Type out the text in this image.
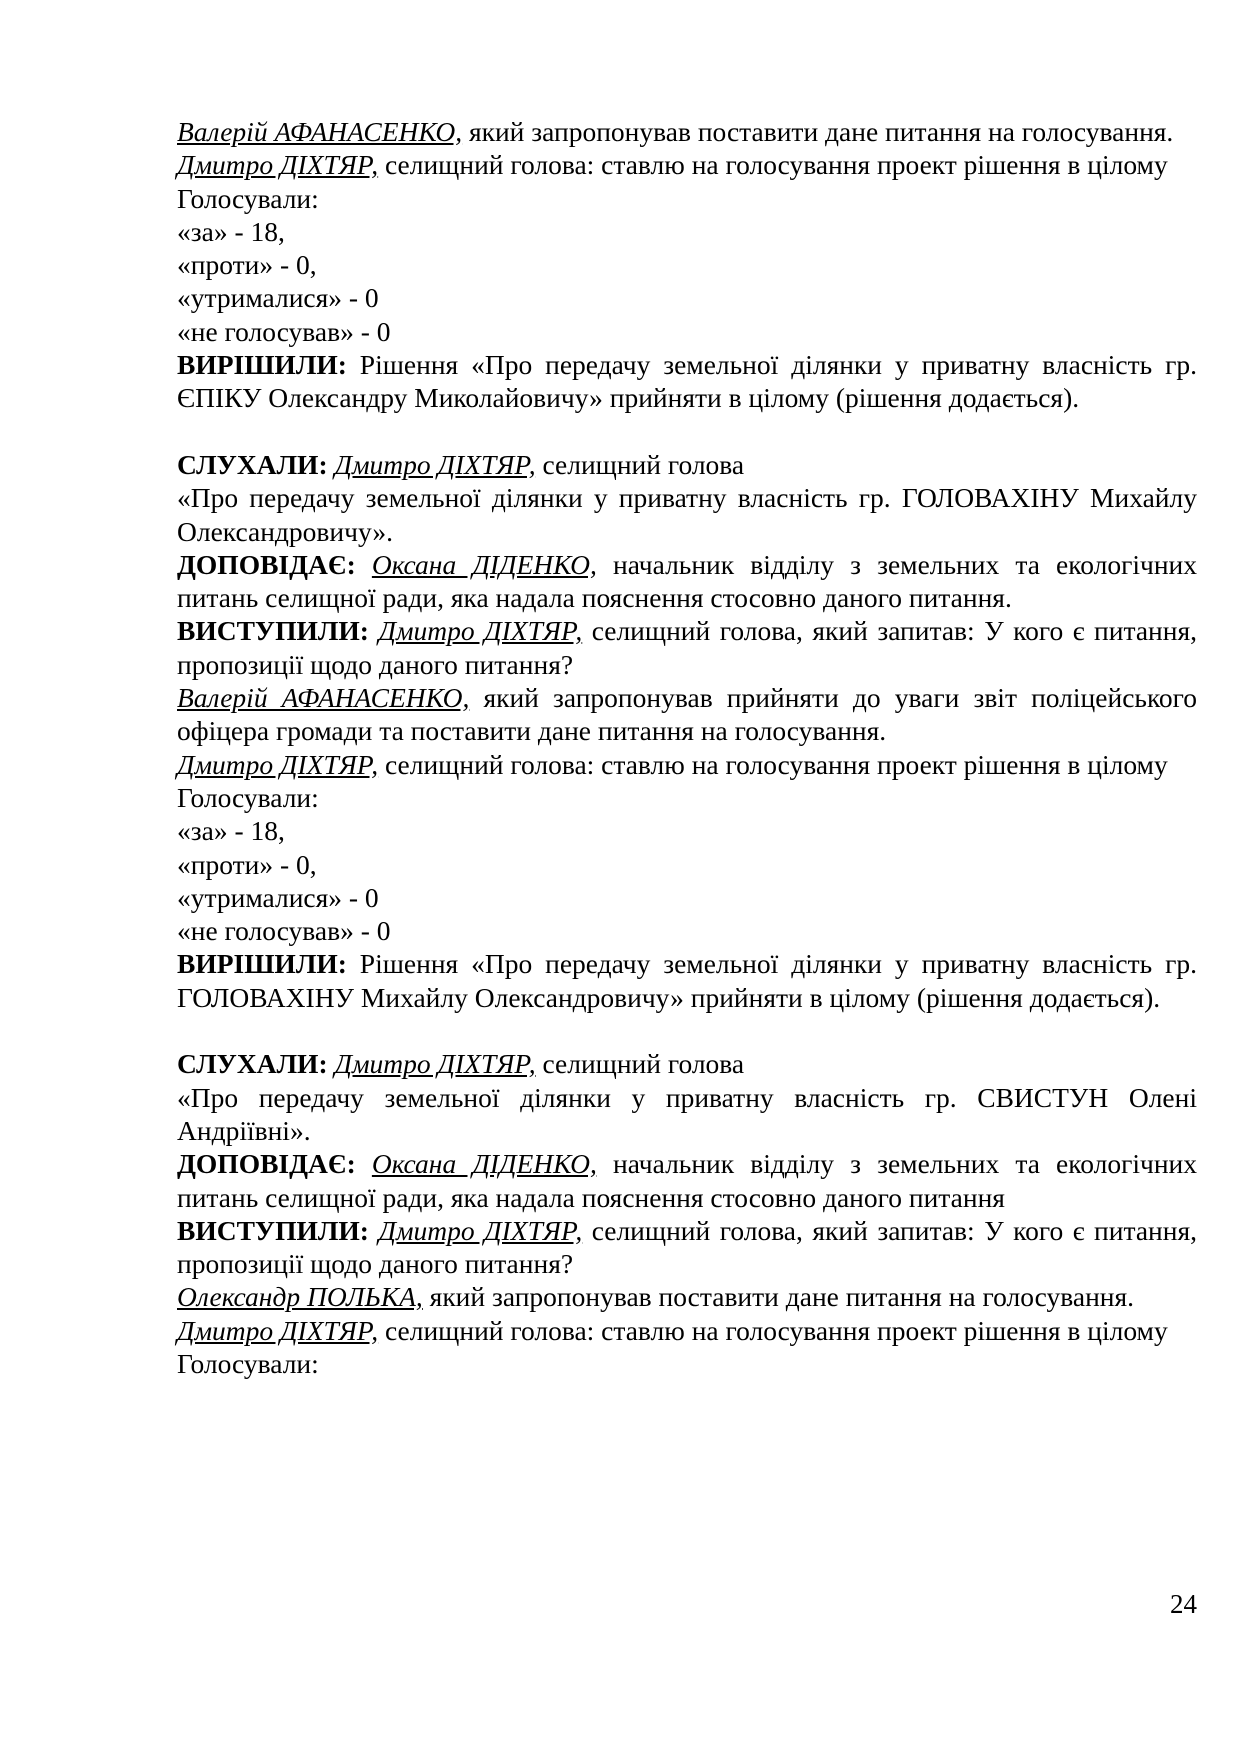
Валерій АФАНАСЕНКО, який запропонував поставити дане питання на голосування.

Дмитро ДІХТЯР, селищний голова: ставлю на голосування проект рішення в цілому

Голосували:

«за» - 18,

«проти» - 0,

«утрималися» - 0

«не голосував» - 0

ВИРІШИЛИ: Рішення «Про передачу земельної ділянки у приватну власність гр. ЄПІКУ Олександру Миколайовичу» прийняти в цілому (рішення додається).

СЛУХАЛИ: Дмитро ДІХТЯР, селищний голова

«Про передачу земельної ділянки у приватну власність гр. ГОЛОВАХІНУ Михайлу Олександровичу».

ДОПОВІДАЄ: Оксана ДІДЕНКО, начальник відділу з земельних та екологічних питань селищної ради, яка надала пояснення стосовно даного питання.

ВИСТУПИЛИ: Дмитро ДІХТЯР, селищний голова, який запитав: У кого є питання, пропозиції щодо даного питання?

Валерій АФАНАСЕНКО, який запропонував прийняти до уваги звіт поліцейського офіцера громади та поставити дане питання на голосування.

Дмитро ДІХТЯР, селищний голова: ставлю на голосування проект рішення в цілому

Голосували:

«за» - 18,

«проти» - 0,

«утрималися» - 0

«не голосував» - 0

ВИРІШИЛИ: Рішення «Про передачу земельної ділянки у приватну власність гр. ГОЛОВАХІНУ Михайлу Олександровичу» прийняти в цілому (рішення додається).

СЛУХАЛИ: Дмитро ДІХТЯР, селищний голова

«Про передачу земельної ділянки у приватну власність гр. СВИСТУН Олені Андріївні».

ДОПОВІДАЄ: Оксана ДІДЕНКО, начальник відділу з земельних та екологічних питань селищної ради, яка надала пояснення стосовно даного питання

ВИСТУПИЛИ: Дмитро ДІХТЯР, селищний голова, який запитав: У кого є питання, пропозиції щодо даного питання?

Олександр ПОЛЬКА, який запропонував поставити дане питання на голосування.

Дмитро ДІХТЯР, селищний голова: ставлю на голосування проект рішення в цілому

Голосували:

24
